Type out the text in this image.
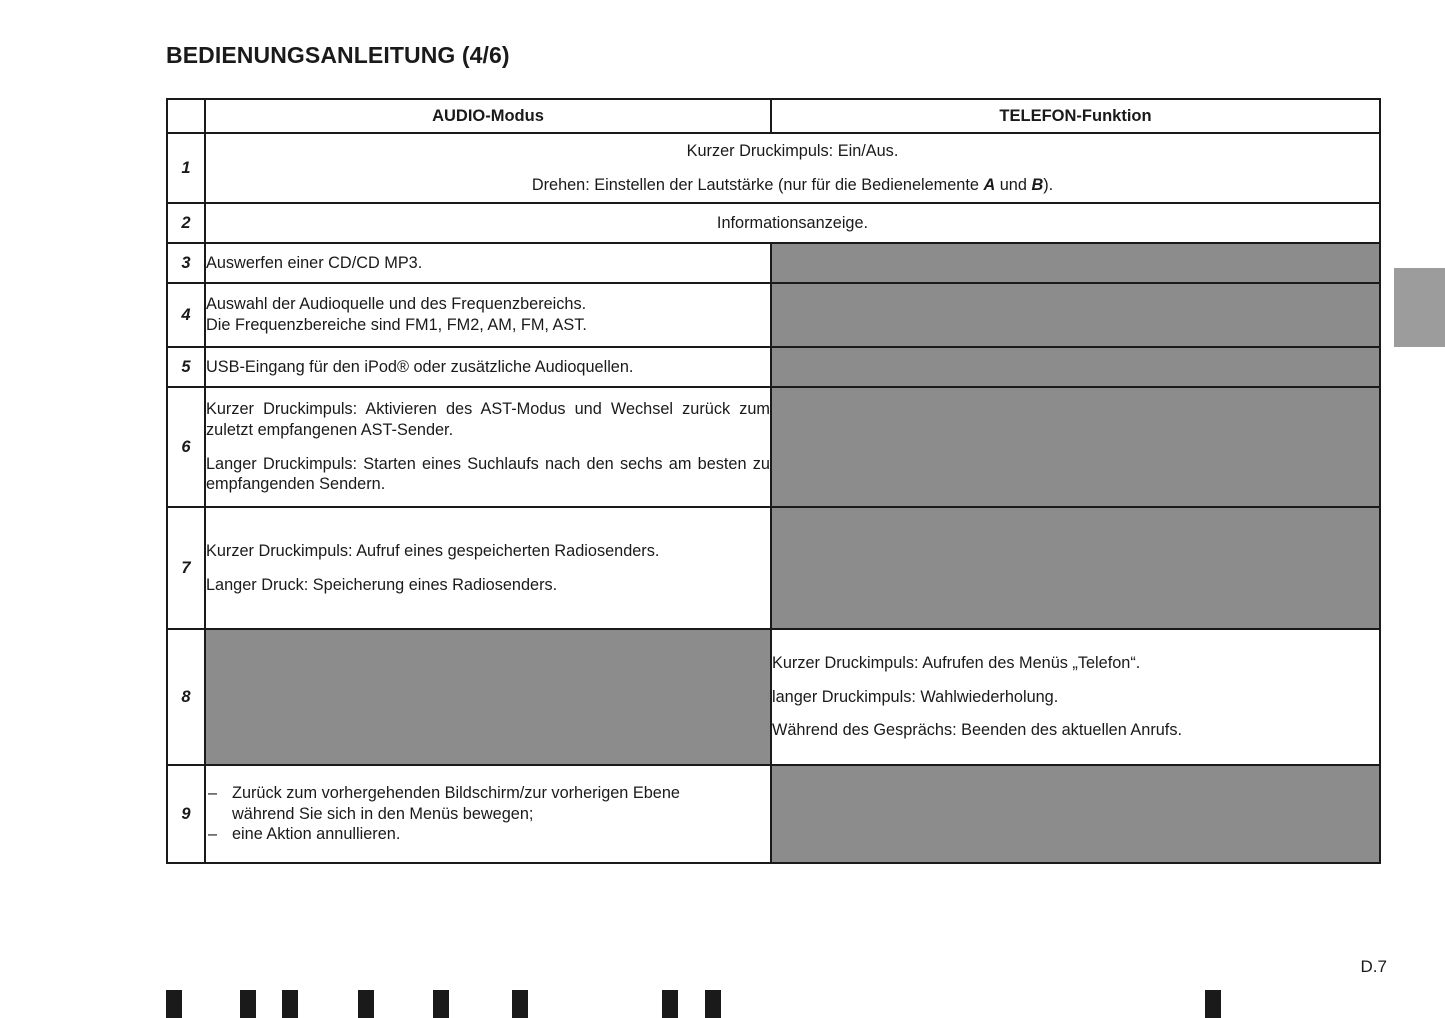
BEDIENUNGSANLEITUNG (4/6)
	AUDIO-Modus	TELEFON-Funktion
1	Kurzer Druckimpuls: Ein/Aus.

Drehen: Einstellen der Lautstärke (nur für die Bedienelemente A und B).	

2	Informationsanzeige.	

3	Auswerfen einer CD/CD MP3.	

4	Auswahl der Audioquelle und des Frequenzbereichs.

Die Frequenzbereiche sind FM1, FM2, AM, FM, AST.	

5	USB-Eingang für den iPod® oder zusätzliche Audioquellen.	

6	Kurzer Druckimpuls: Aktivieren des AST-Modus und Wechsel zurück zum zuletzt empfangenen AST-Sender.

Langer Druckimpuls: Starten eines Suchlaufs nach den sechs am besten zu empfangenden Sendern.	

7	Kurzer Druckimpuls: Aufruf eines gespeicherten Radiosenders.

Langer Druck: Speicherung eines Radiosenders.	

8		Kurzer Druckimpuls: Aufrufen des Menüs „Telefon“.

langer Druckimpuls: Wahlwiederholung.

Während des Gesprächs: Beenden des aktuellen Anrufs.

9	
– Zurück zum vorhergehenden Bildschirm/zur vorherigen Ebene
während Sie sich in den Menüs bewegen;
– eine Aktion annullieren.

D.7
